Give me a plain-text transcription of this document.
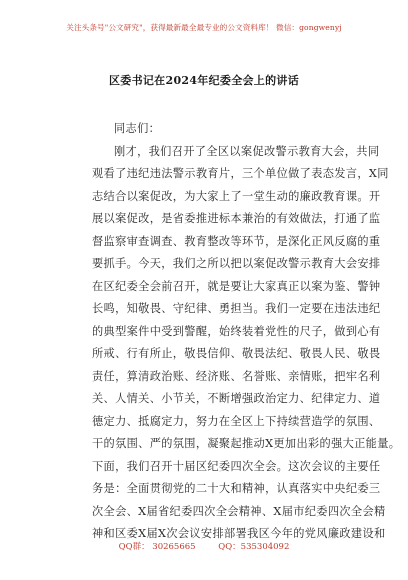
关注头条号"公文研究"，获得最新最全最专业的公文资料库！ 微信：gongwenyj
区委书记在2024年纪委全会上的讲话
同志们：
刚才，我们召开了全区以案促改警示教育大会，共同
观看了违纪违法警示教育片，三个单位做了表态发言，X同
志结合以案促改，为大家上了一堂生动的廉政教育课。开
展以案促改，是省委推进标本兼治的有效做法，打通了监
督监察审查调查、教育整改等环节，是深化正风反腐的重
要抓手。今天，我们之所以把以案促改警示教育大会安排
在区纪委全会前召开，就是要让大家真正以案为鉴、警钟
长鸣，知敬畏、守纪律、勇担当。我们一定要在违法违纪
的典型案件中受到警醒，始终装着党性的尺子，做到心有
所戒、行有所止，敬畏信仰、敬畏法纪、敬畏人民、敬畏
责任，算清政治账、经济账、名誉账、亲情账，把牢名利
关、人情关、小节关，不断增强政治定力、纪律定力、道
德定力、抵腐定力，努力在全区上下持续营造学的氛围、
干的氛围、严的氛围，凝聚起推动X更加出彩的强大正能量。
下面，我们召开十届区纪委四次全会。这次会议的主要任
务是：全面贯彻党的二十大和精神，认真落实中央纪委三
次全会、X届省纪委四次全会精神、X届市纪委四次全会精
神和区委X届X次会议安排部署我区今年的党风廉政建设和
QQ群： 30265665	QQ：535304092
